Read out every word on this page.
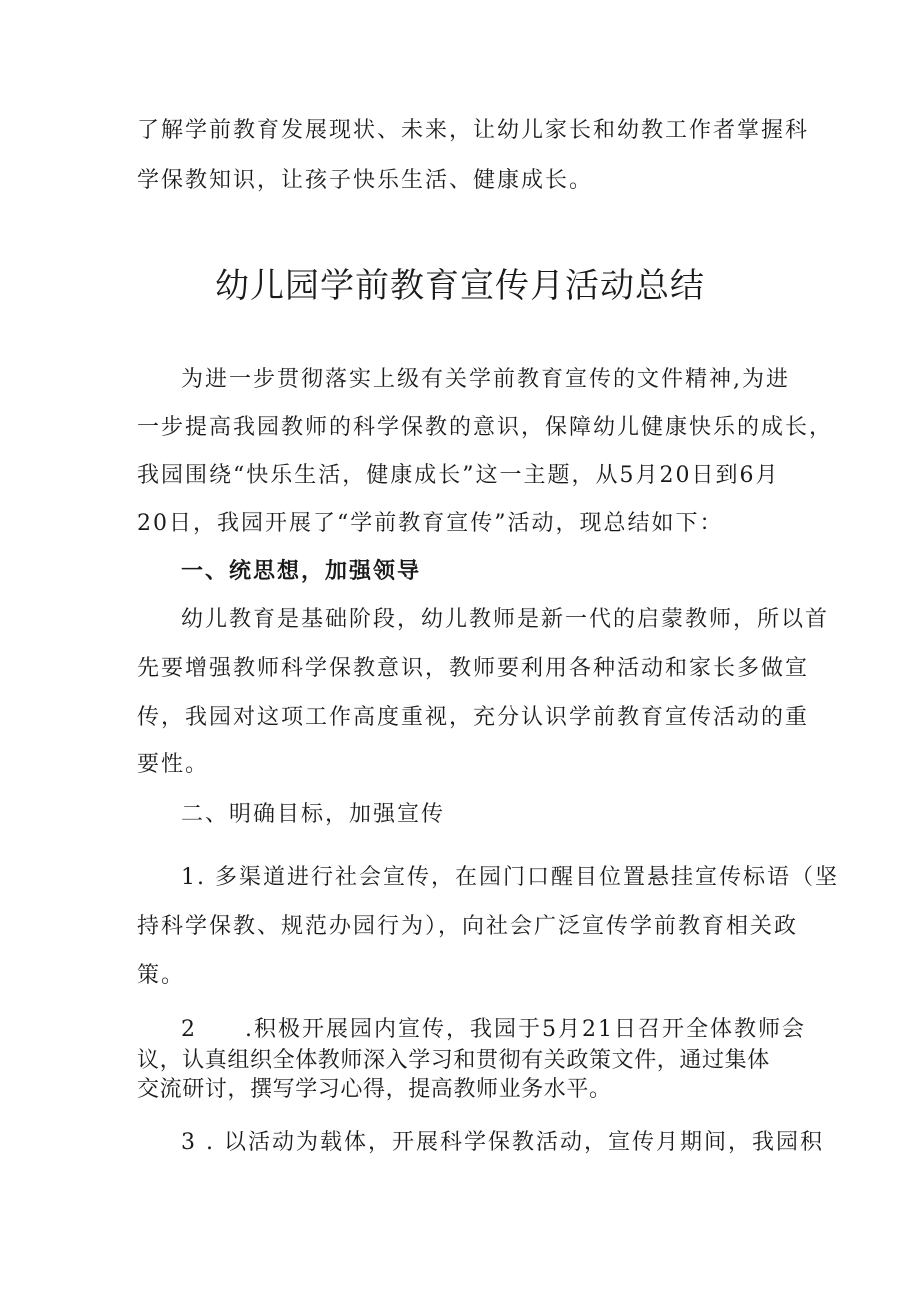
了解学前教育发展现状、未来，让幼儿家长和幼教工作者掌握科
学保教知识，让孩子快乐生活、健康成长。
幼儿园学前教育宣传月活动总结
为进一步贯彻落实上级有关学前教育宣传的文件精神,为进
一步提高我园教师的科学保教的意识，保障幼儿健康快乐的成长，
我园围绕“快乐生活，健康成长”这一主题，从5月20日到6月
20日，我园开展了“学前教育宣传”活动，现总结如下：
一、统思想，加强领导
幼儿教育是基础阶段，幼儿教师是新一代的启蒙教师，所以首
先要增强教师科学保教意识，教师要利用各种活动和家长多做宣
传，我园对这项工作高度重视，充分认识学前教育宣传活动的重
要性。
二、明确目标，加强宣传
1. 多渠道进行社会宣传，在园门口醒目位置悬挂宣传标语（坚
持科学保教、规范办园行为），向社会广泛宣传学前教育相关政
策。
2　　.积极开展园内宣传，我园于5月21日召开全体教师会
议，认真组织全体教师深入学习和贯彻有关政策文件，通过集体
交流研讨，撰写学习心得，提高教师业务水平。
3 . 以活动为载体，开展科学保教活动，宣传月期间，我园积
